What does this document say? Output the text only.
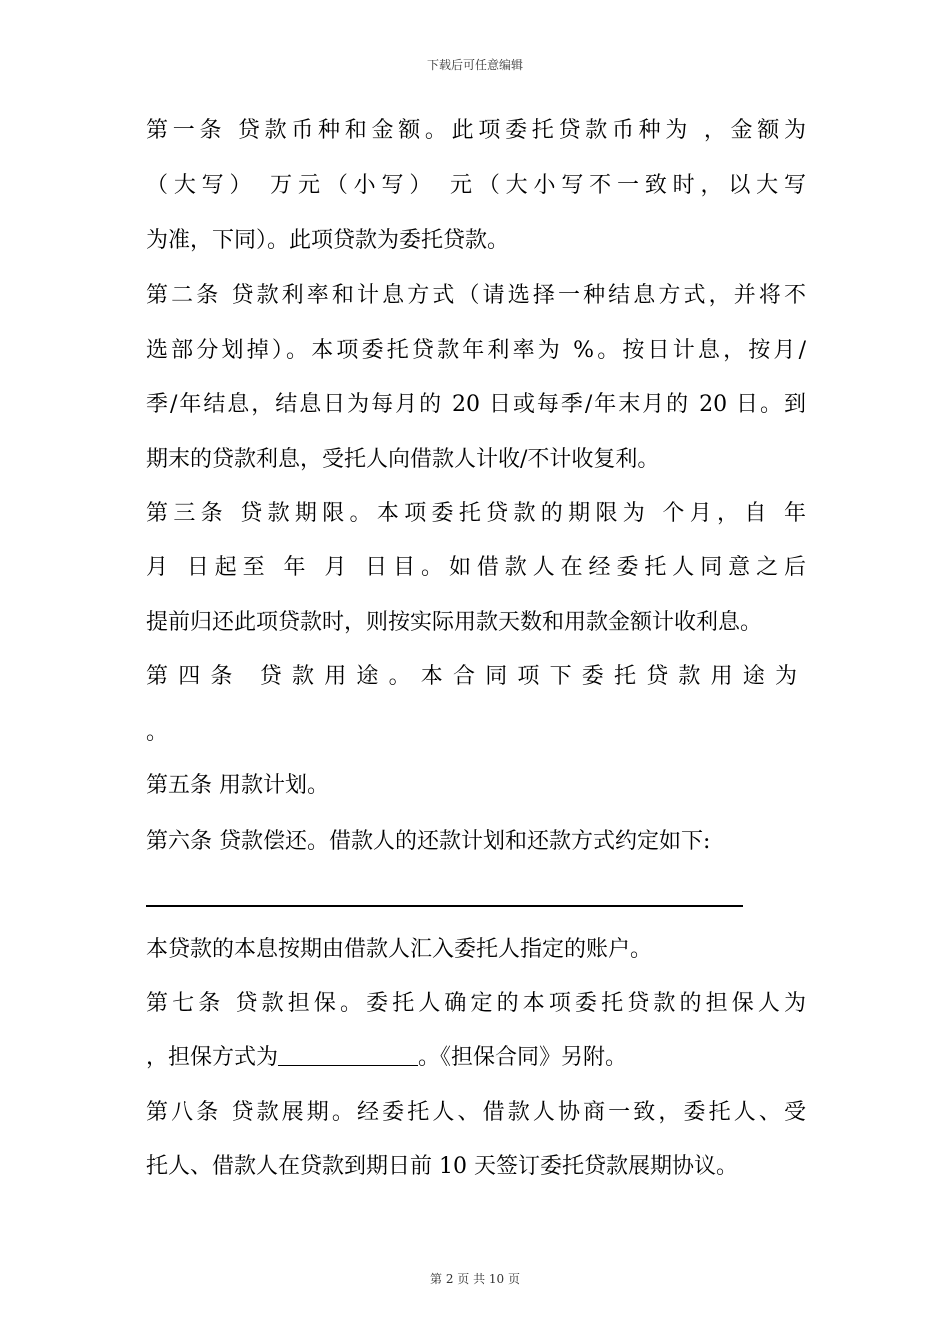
下载后可任意编辑
第一条 贷款币种和金额。此项委托贷款币种为 ，金额为
（大写） 万元（小写） 元（大小写不一致时，以大写
为准，下同）。此项贷款为委托贷款。
第二条 贷款利率和计息方式（请选择一种结息方式，并将不
选部分划掉）。本项委托贷款年利率为 %。按日计息，按月/
季/年结息，结息日为每月的 20 日或每季/年末月的 20 日。到
期末的贷款利息，受托人向借款人计收/不计收复利。
第三条 贷款期限。本项委托贷款的期限为 个月，自 年
月 日起至 年 月 日目。如借款人在经委托人同意之后
提前归还此项贷款时，则按实际用款天数和用款金额计收利息。
第四条 贷款用途。本合同项下委托贷款用途为
。
第五条 用款计划。
第六条 贷款偿还。借款人的还款计划和还款方式约定如下:
本贷款的本息按期由借款人汇入委托人指定的账户。
第七条 贷款担保。委托人确定的本项委托贷款的担保人为
，担保方式为	。《担保合同》另附。
第八条 贷款展期。经委托人、借款人协商一致，委托人、受
托人、借款人在贷款到期日前 10 天签订委托贷款展期协议。
第 2 页 共 10 页
